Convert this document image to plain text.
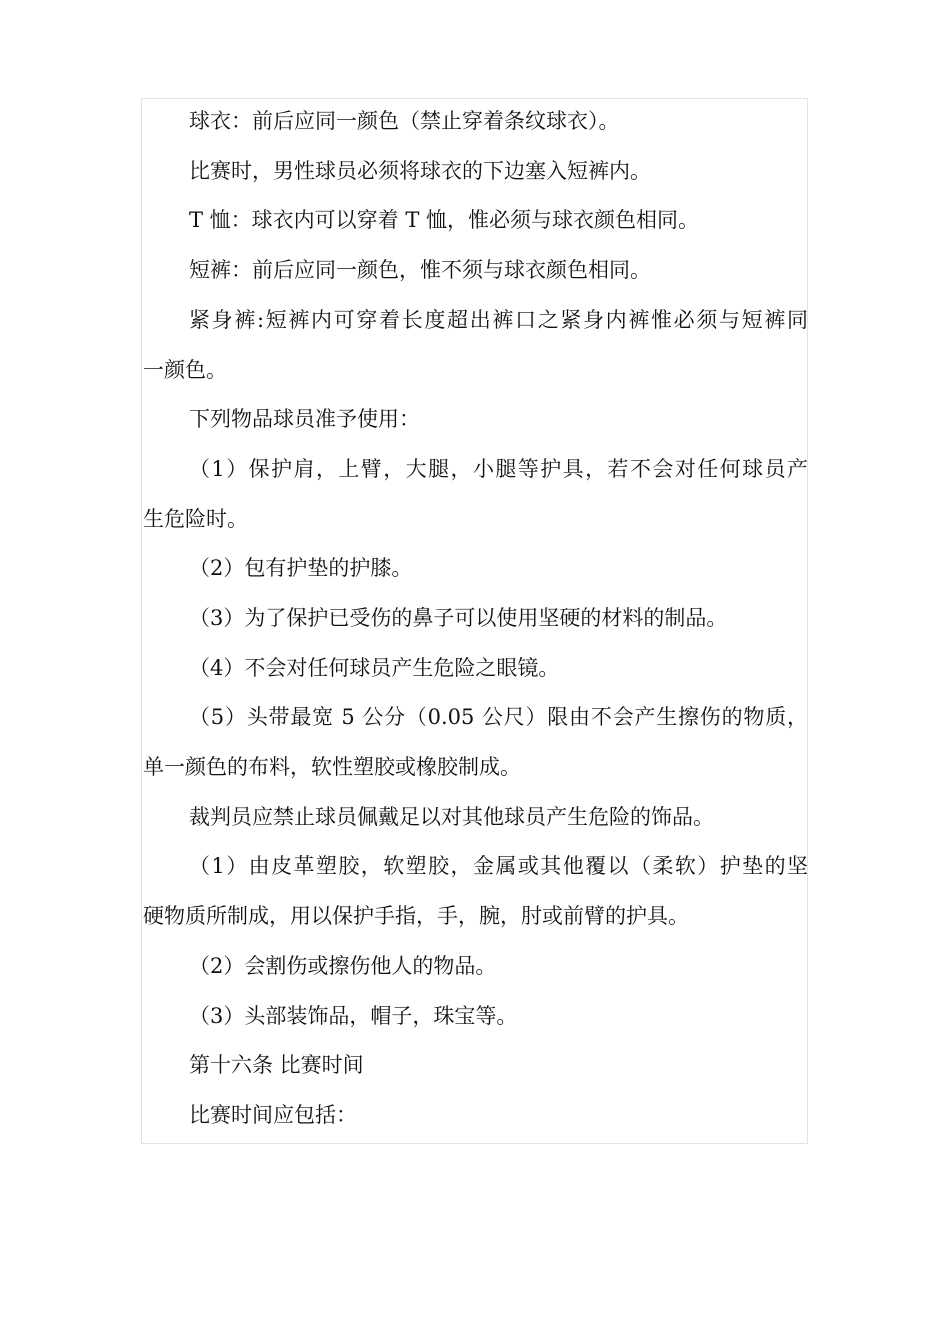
球衣：前后应同一颜色（禁止穿着条纹球衣）。
比赛时，男性球员必须将球衣的下边塞入短裤内。
T 恤：球衣内可以穿着 T 恤，惟必须与球衣颜色相同。
短裤：前后应同一颜色，惟不须与球衣颜色相同。
紧身裤:短裤内可穿着长度超出裤口之紧身内裤惟必须与短裤同
一颜色。
下列物品球员准予使用：
（1）保护肩，上臂，大腿，小腿等护具，若不会对任何球员产
生危险时。
（2）包有护垫的护膝。
（3）为了保护已受伤的鼻子可以使用坚硬的材料的制品。
（4）不会对任何球员产生危险之眼镜。
（5）头带最宽 5 公分（0.05 公尺）限由不会产生擦伤的物质，
单一颜色的布料，软性塑胶或橡胶制成。
裁判员应禁止球员佩戴足以对其他球员产生危险的饰品。
（1）由皮革塑胶，软塑胶，金属或其他覆以（柔软）护垫的坚
硬物质所制成，用以保护手指，手，腕，肘或前臂的护具。
（2）会割伤或擦伤他人的物品。
（3）头部装饰品，帽子，珠宝等。
第十六条 比赛时间
比赛时间应包括：
